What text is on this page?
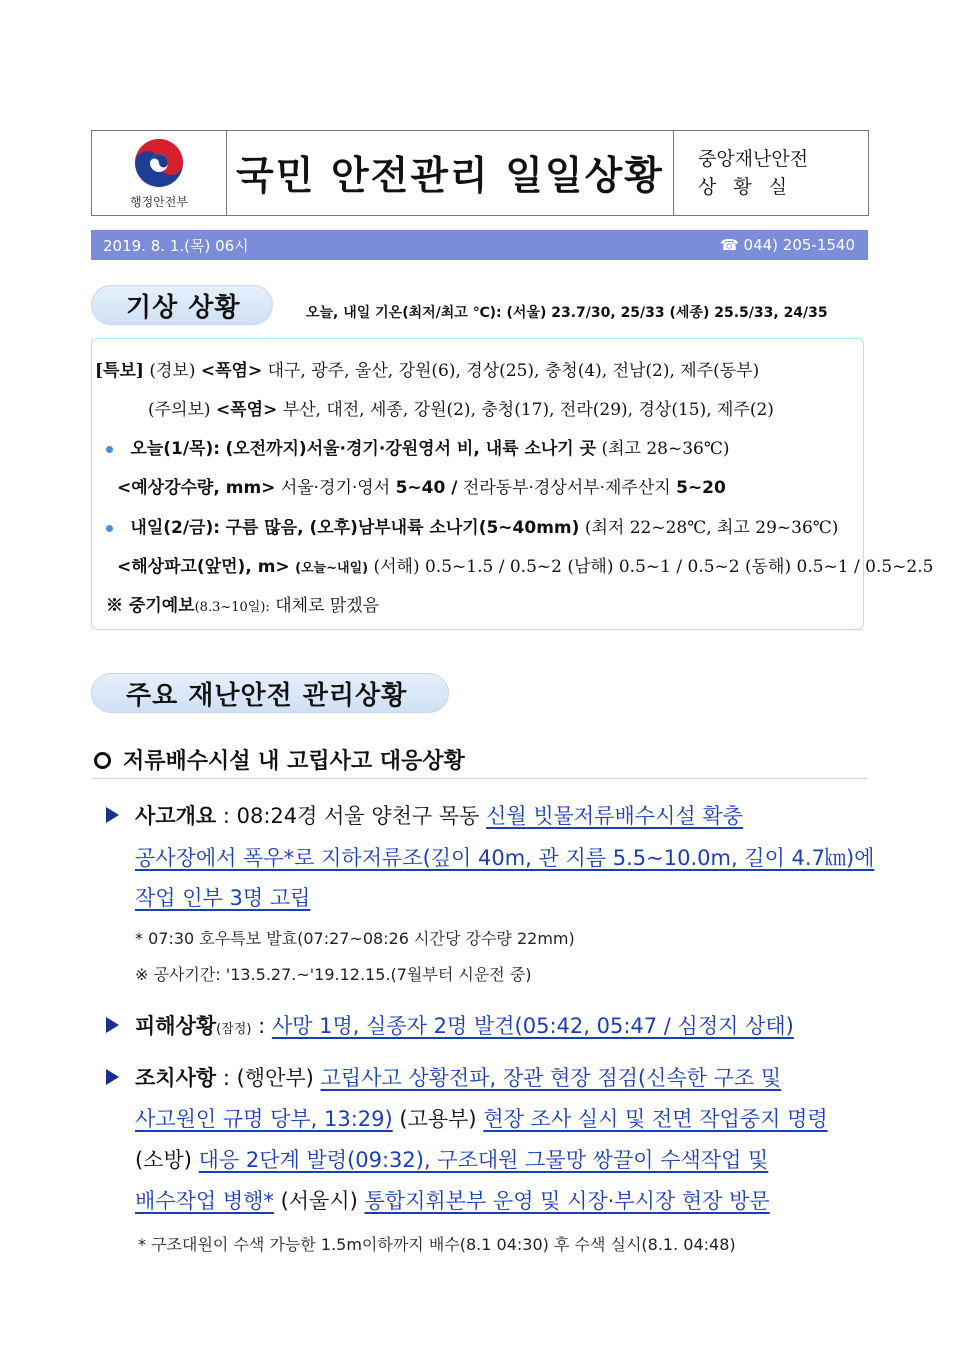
행정안전부
국민 안전관리 일일상황	중앙재난안전
상황실
2019. 8. 1.(목) 06시	☎ 044) 205-1540
기상 상황	오늘, 내일 기온(최저/최고 ℃): (서울) 23.7/30, 25/33 (세종) 25.5/33, 24/35
[특보] (경보) <폭염> 대구, 광주, 울산, 강원(6), 경상(25), 충청(4), 전남(2), 제주(동부)
(주의보) <폭염> 부산, 대전, 세종, 강원(2), 충청(17), 전라(29), 경상(15), 제주(2)
오늘(1/목): (오전까지)서울·경기·강원영서 비, 내륙 소나기 곳 (최고 28~36℃)
<예상강수량, mm> 서울·경기·영서 5~40 / 전라동부·경상서부·제주산지 5~20
내일(2/금): 구름 많음, (오후)남부내륙 소나기(5~40mm) (최저 22~28℃, 최고 29~36℃)
<해상파고(앞먼), m> (오늘~내일) (서해) 0.5~1.5 / 0.5~2 (남해) 0.5~1 / 0.5~2 (동해) 0.5~1 / 0.5~2.5
※ 중기예보(8.3~10일): 대체로 맑겠음
주요 재난안전 관리상황
저류배수시설 내 고립사고 대응상황
사고개요 : 08:24경 서울 양천구 목동 신월 빗물저류배수시설 확충
공사장에서 폭우*로 지하저류조(깊이 40m, 관 지름 5.5~10.0m, 길이 4.7㎞)에
작업 인부 3명 고립
* 07:30 호우특보 발효(07:27~08:26 시간당 강수량 22mm)
※ 공사기간: '13.5.27.~'19.12.15.(7월부터 시운전 중)
피해상황(잠정) : 사망 1명, 실종자 2명 발견(05:42, 05:47 / 심정지 상태)
조치사항 : (행안부) 고립사고 상황전파, 장관 현장 점검(신속한 구조 및
사고원인 규명 당부, 13:29) (고용부) 현장 조사 실시 및 전면 작업중지 명령
(소방) 대응 2단계 발령(09:32), 구조대원 그물망 쌍끌이 수색작업 및
배수작업 병행* (서울시) 통합지휘본부 운영 및 시장·부시장 현장 방문
* 구조대원이 수색 가능한 1.5m이하까지 배수(8.1 04:30) 후 수색 실시(8.1. 04:48)
